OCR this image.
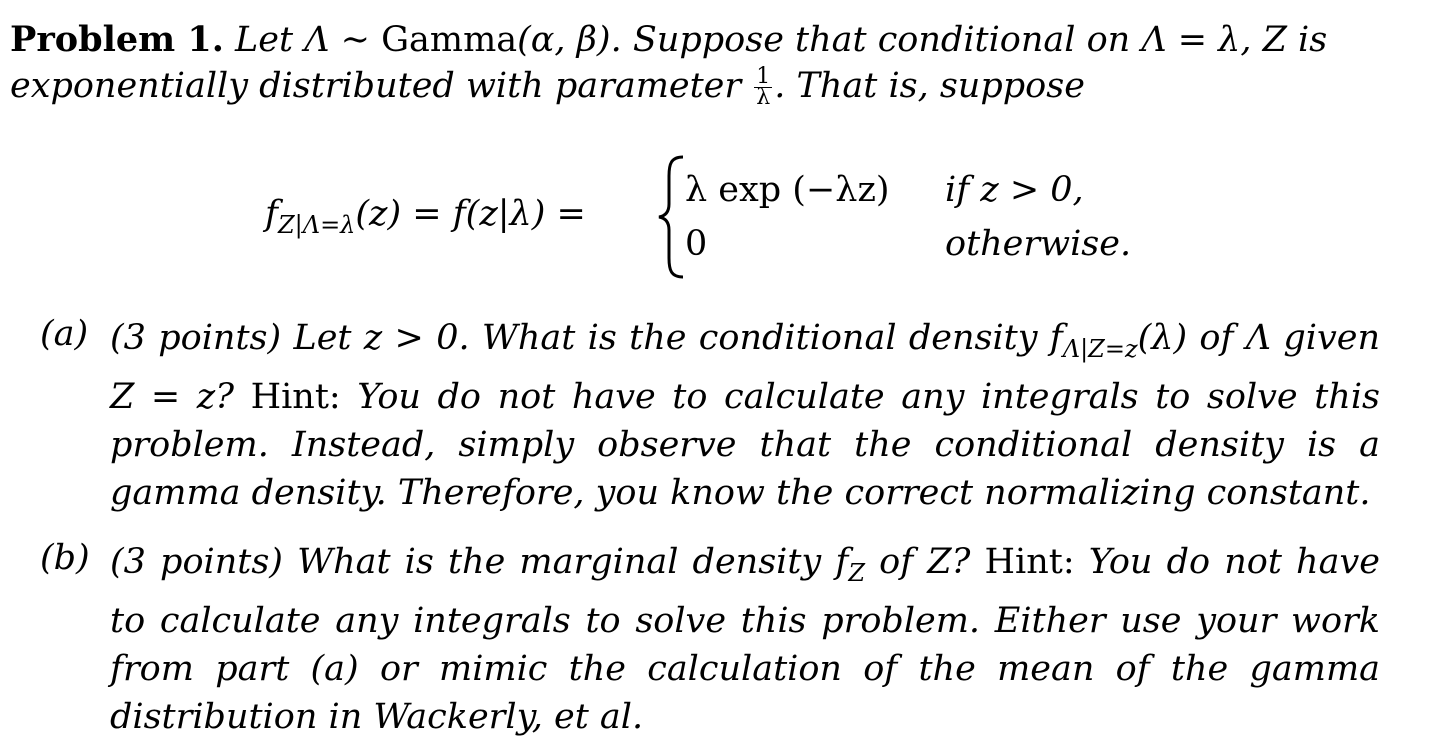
Problem 1. Let Λ ∼ Gamma(α, β). Suppose that conditional on Λ = λ, Z is
exponentially distributed with parameter $\frac{1}{\lambda}$ . That is, suppose
$f_{Z|\Lambda=\lambda}(z) = f(z|\lambda)$ =
λ exp (−λz) if z > 0,
0	otherwise.
(a) (3 points) Let z > 0. What is the conditional density $f_{\Lambda|Z=z}(\lambda)$ of Λ given Z = z? Hint: You do not have to calculate any integrals to solve this problem. Instead, simply observe that the conditional density is a gamma density. Therefore, you know the correct normalizing constant.
(b) (3 points) What is the marginal density $f_Z$ of Z? Hint: You do not have to calculate any integrals to solve this problem. Either use your work from part (a) or mimic the calculation of the mean of the gamma distribution in Wackerly, et al.
